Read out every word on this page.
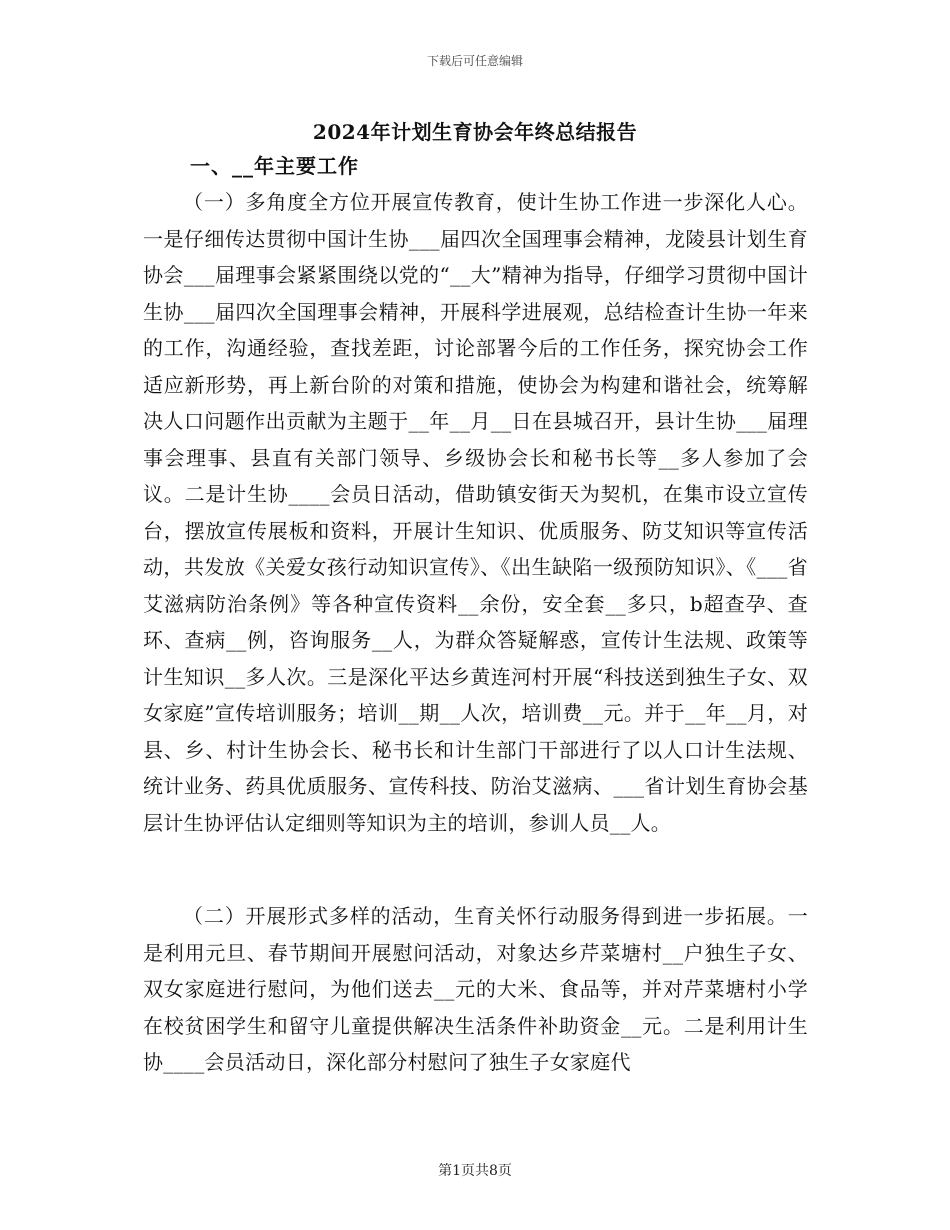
下载后可任意编辑
2024年计划生育协会年终总结报告
一、__年主要工作

（一）多角度全方位开展宣传教育，使计生协工作进一步深化人心。一是仔细传达贯彻中国计生协___届四次全国理事会精神，龙陵县计划生育协会___届理事会紧紧围绕以党的“__大”精神为指导，仔细学习贯彻中国计生协___届四次全国理事会精神，开展科学进展观，总结检查计生协一年来的工作，沟通经验，查找差距，讨论部署今后的工作任务，探究协会工作适应新形势，再上新台阶的对策和措施，使协会为构建和谐社会，统筹解决人口问题作出贡献为主题于__年__月__日在县城召开，县计生协___届理事会理事、县直有关部门领导、乡级协会长和秘书长等__多人参加了会议。二是计生协____会员日活动，借助镇安街天为契机，在集市设立宣传台，摆放宣传展板和资料，开展计生知识、优质服务、防艾知识等宣传活动，共发放《关爱女孩行动知识宣传》、《出生缺陷一级预防知识》、《___省艾滋病防治条例》等各种宣传资料__余份，安全套__多只，b超查孕、查环、查病__例，咨询服务__人，为群众答疑解惑，宣传计生法规、政策等计生知识__多人次。三是深化平达乡黄连河村开展“科技送到独生子女、双女家庭”宣传培训服务；培训__期__人次，培训费__元。并于__年__月，对县、乡、村计生协会长、秘书长和计生部门干部进行了以人口计生法规、统计业务、药具优质服务、宣传科技、防治艾滋病、___省计划生育协会基层计生协评估认定细则等知识为主的培训，参训人员__人。

（二）开展形式多样的活动，生育关怀行动服务得到进一步拓展。一是利用元旦、春节期间开展慰问活动，对象达乡芹菜塘村__户独生子女、双女家庭进行慰问，为他们送去__元的大米、食品等，并对芹菜塘村小学在校贫困学生和留守儿童提供解决生活条件补助资金__元。二是利用计生协____会员活动日，深化部分村慰问了独生子女家庭代

第1页共8页
